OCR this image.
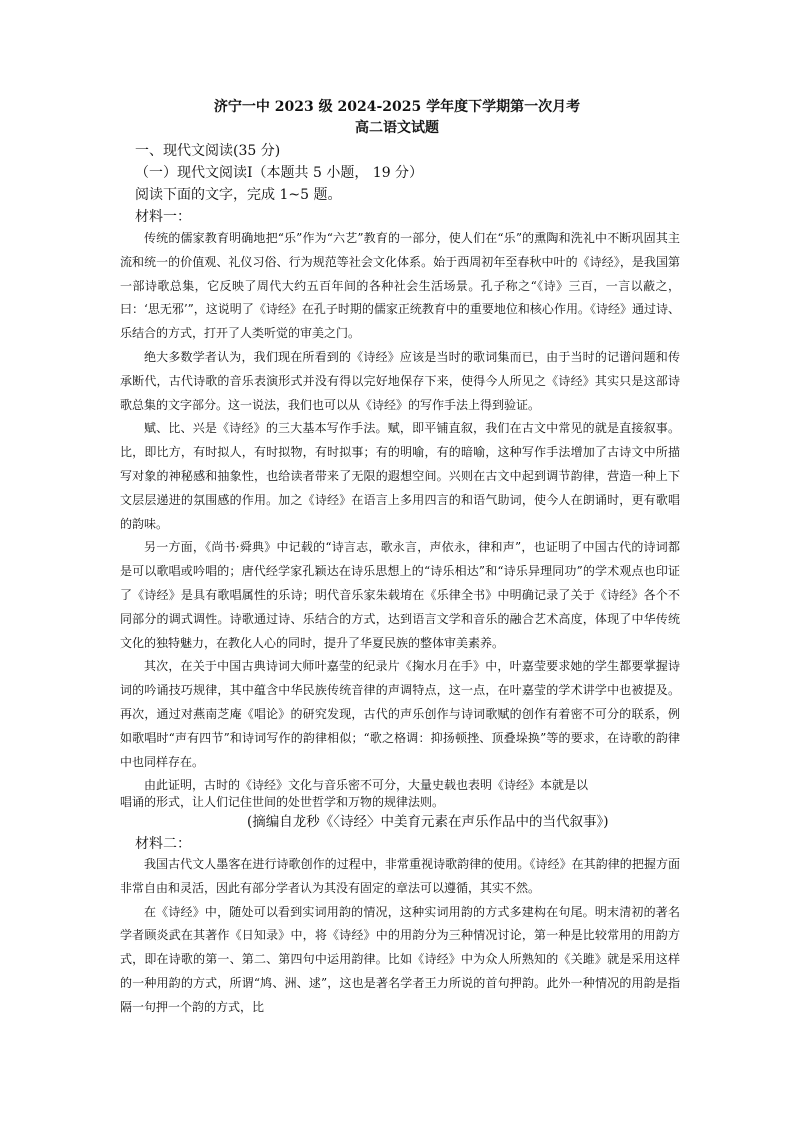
济宁一中 2023 级 2024-2025 学年度下学期第一次月考
高二语文试题
一、现代文阅读(35 分)
（一）现代文阅读Ⅰ（本题共 5 小题， 19 分）
阅读下面的文字，完成 1~5 题。
材料一：

传统的儒家教育明确地把“乐”作为“六艺”教育的一部分，使人们在“乐”的熏陶和洗礼中不断巩固其主流和统一的价值观、礼仪习俗、行为规范等社会文化体系。始于西周初年至春秋中叶的《诗经》，是我国第一部诗歌总集，它反映了周代大约五百年间的各种社会生活场景。孔子称之“《诗》三百，一言以蔽之，曰：‘思无邪’”，这说明了《诗经》在孔子时期的儒家正统教育中的重要地位和核心作用。《诗经》通过诗、乐结合的方式，打开了人类听觉的审美之门。

绝大多数学者认为，我们现在所看到的《诗经》应该是当时的歌词集而已，由于当时的记谱问题和传承断代，古代诗歌的音乐表演形式并没有得以完好地保存下来，使得今人所见之《诗经》其实只是这部诗歌总集的文字部分。这一说法，我们也可以从《诗经》的写作手法上得到验证。

赋、比、兴是《诗经》的三大基本写作手法。赋，即平铺直叙，我们在古文中常见的就是直接叙事。比，即比方，有时拟人，有时拟物，有时拟事；有的明喻，有的暗喻，这种写作手法增加了古诗文中所描写对象的神秘感和抽象性，也给读者带来了无限的遐想空间。兴则在古文中起到调节韵律，营造一种上下文层层递进的氛围感的作用。加之《诗经》在语言上多用四言的和语气助词，使今人在朗诵时，更有歌唱的韵味。

另一方面，《尚书·舜典》中记载的“诗言志，歌永言，声依永，律和声”，也证明了中国古代的诗词都是可以歌唱或吟唱的；唐代经学家孔颖达在诗乐思想上的“诗乐相达”和“诗乐异理同功”的学术观点也印证了《诗经》是具有歌唱属性的乐诗；明代音乐家朱载堉在《乐律全书》中明确记录了关于《诗经》各个不同部分的调式调性。诗歌通过诗、乐结合的方式，达到语言文学和音乐的融合艺术高度，体现了中华传统文化的独特魅力，在教化人心的同时，提升了华夏民族的整体审美素养。

其次，在关于中国古典诗词大师叶嘉莹的纪录片《掬水月在手》中，叶嘉莹要求她的学生都要掌握诗词的吟诵技巧规律，其中蕴含中华民族传统音律的声调特点，这一点，在叶嘉莹的学术讲学中也被提及。再次，通过对燕南芝庵《唱论》的研究发现，古代的声乐创作与诗词歌赋的创作有着密不可分的联系，例如歌唱时“声有四节”和诗词写作的韵律相似；“歌之格调：抑扬顿挫、顶叠垛换”等的要求，在诗歌的韵律中也同样存在。

由此证明，古时的《诗经》文化与音乐密不可分，大量史载也表明《诗经》本就是以

唱诵的形式，让人们记住世间的处世哲学和万物的规律法则。
(摘编自龙秒《〈诗经〉中美育元素在声乐作品中的当代叙事》)
材料二：

我国古代文人墨客在进行诗歌创作的过程中，非常重视诗歌韵律的使用。《诗经》在其韵律的把握方面非常自由和灵活，因此有部分学者认为其没有固定的章法可以遵循，其实不然。

在《诗经》中，随处可以看到实词用韵的情况，这种实词用韵的方式多建构在句尾。明末清初的著名学者顾炎武在其著作《日知录》中，将《诗经》中的用韵分为三种情况讨论，第一种是比较常用的用韵方式，即在诗歌的第一、第二、第四句中运用韵律。比如《诗经》中为众人所熟知的《关雎》就是采用这样的一种用韵的方式，所谓“鸠、洲、逑”，这也是著名学者王力所说的首句押韵。此外一种情况的用韵是指隔一句押一个韵的方式，比
